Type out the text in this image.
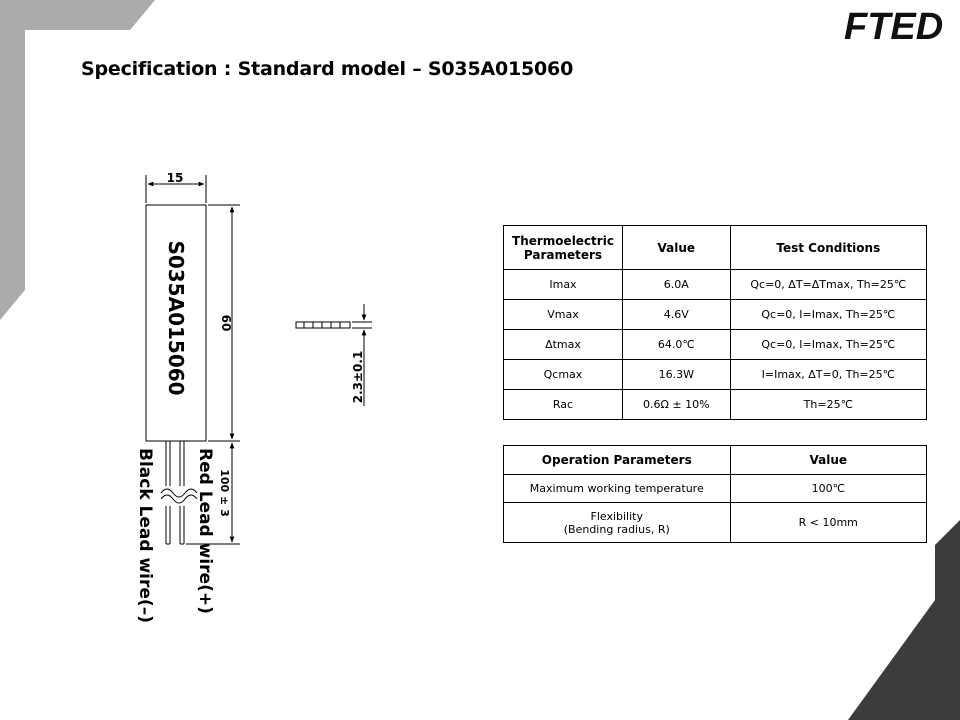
FTED
Specification : Standard model – S035A015060
15
60
S035A015060	2.3±0.1
100 ± 3
Red Lead wire(+)
Black Lead wire(–)
Thermoelectric
Parameters	Value	Test Conditions
Imax	6.0A	Qc=0, ΔT=ΔTmax, Th=25℃
Vmax	4.6V	Qc=0, I=Imax, Th=25℃
Δtmax	64.0℃	Qc=0, I=Imax, Th=25℃
Qcmax	16.3W	I=Imax, ΔT=0, Th=25℃
Rac	0.6Ω ± 10%	Th=25℃
Operation Parameters	Value
Maximum working temperature	100℃

Flexibility
(Bending radius, R)	R < 10mm
